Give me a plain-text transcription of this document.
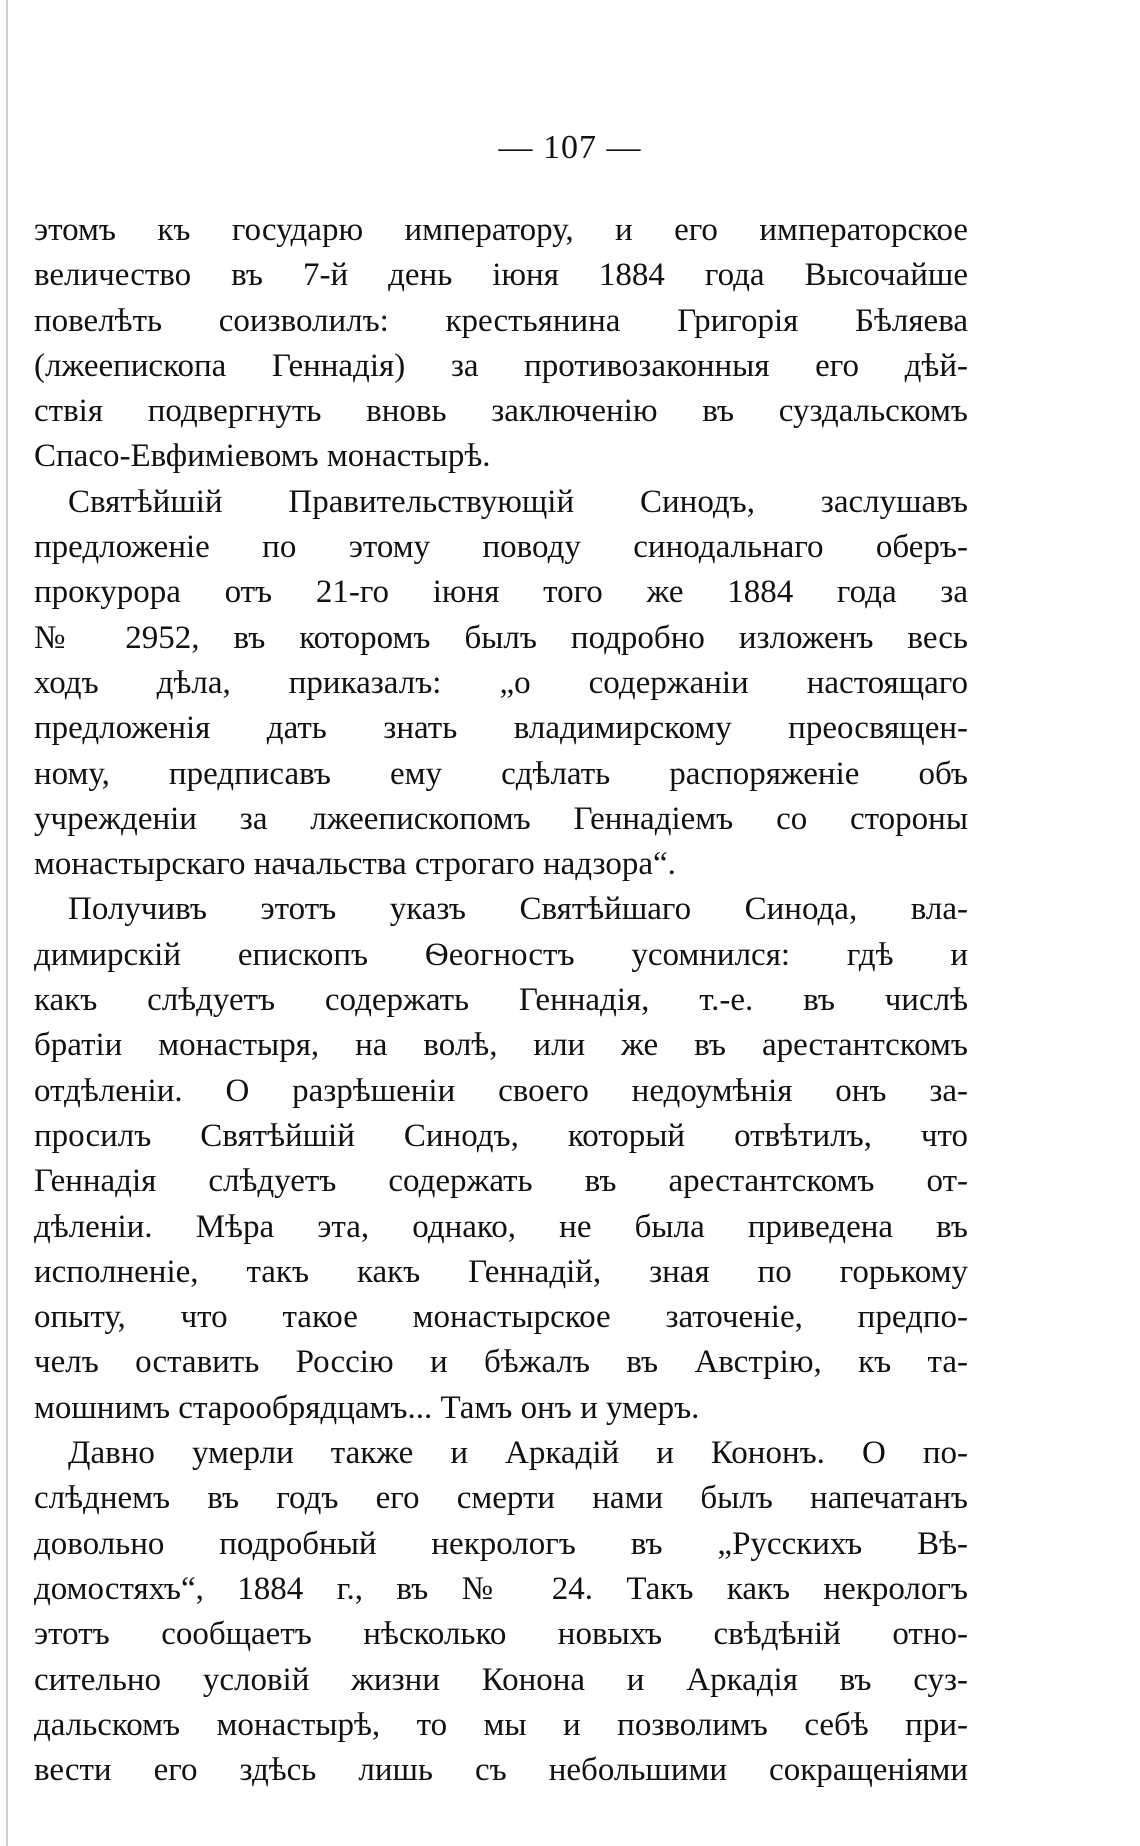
— 107 —
этомъ къ государю императору, и его императорское
величество въ 7-й день іюня 1884 года Высочайше
повелѣть соизволилъ: крестьянина Григорія Бѣляева
(лжеепископа Геннадія) за противозаконныя его дѣй-
ствія подвергнуть вновь заключенію въ суздальскомъ
Спасо-Евфиміевомъ монастырѣ.
Святѣйшій Правительствующій Синодъ, заслушавъ
предложеніе по этому поводу синодальнаго оберъ-
прокурора отъ 21-го іюня того же 1884 года за
№ 2952, въ которомъ былъ подробно изложенъ весь
ходъ дѣла, приказалъ: „о содержаніи настоящаго
предложенія дать знать владимирскому преосвящен-
ному, предписавъ ему сдѣлать распоряженіе объ
учрежденіи за лжеепископомъ Геннадіемъ со стороны
монастырскаго начальства строгаго надзора“.
Получивъ этотъ указъ Святѣйшаго Синода, вла-
димирскій епископъ Ѳеогностъ усомнился: гдѣ и
какъ слѣдуетъ содержать Геннадія, т.-е. въ числѣ
братіи монастыря, на волѣ, или же въ арестантскомъ
отдѣленіи. О разрѣшеніи своего недоумѣнія онъ за-
просилъ Святѣйшій Синодъ, который отвѣтилъ, что
Геннадія слѣдуетъ содержать въ арестантскомъ от-
дѣленіи. Мѣра эта, однако, не была приведена въ
исполненіе, такъ какъ Геннадій, зная по горькому
опыту, что такое монастырское заточеніе, предпо-
челъ оставить Россію и бѣжалъ въ Австрію, къ та-
мошнимъ старообрядцамъ... Тамъ онъ и умеръ.
Давно умерли также и Аркадій и Кононъ. О по-
слѣднемъ въ годъ его смерти нами былъ напечатанъ
довольно подробный некрологъ въ „Русскихъ Вѣ-
домостяхъ“, 1884 г., въ № 24. Такъ какъ некрологъ
этотъ сообщаетъ нѣсколько новыхъ свѣдѣній отно-
сительно условій жизни Конона и Аркадія въ суз-
дальскомъ монастырѣ, то мы и позволимъ себѣ при-
вести его здѣсь лишь съ небольшими сокращеніями
